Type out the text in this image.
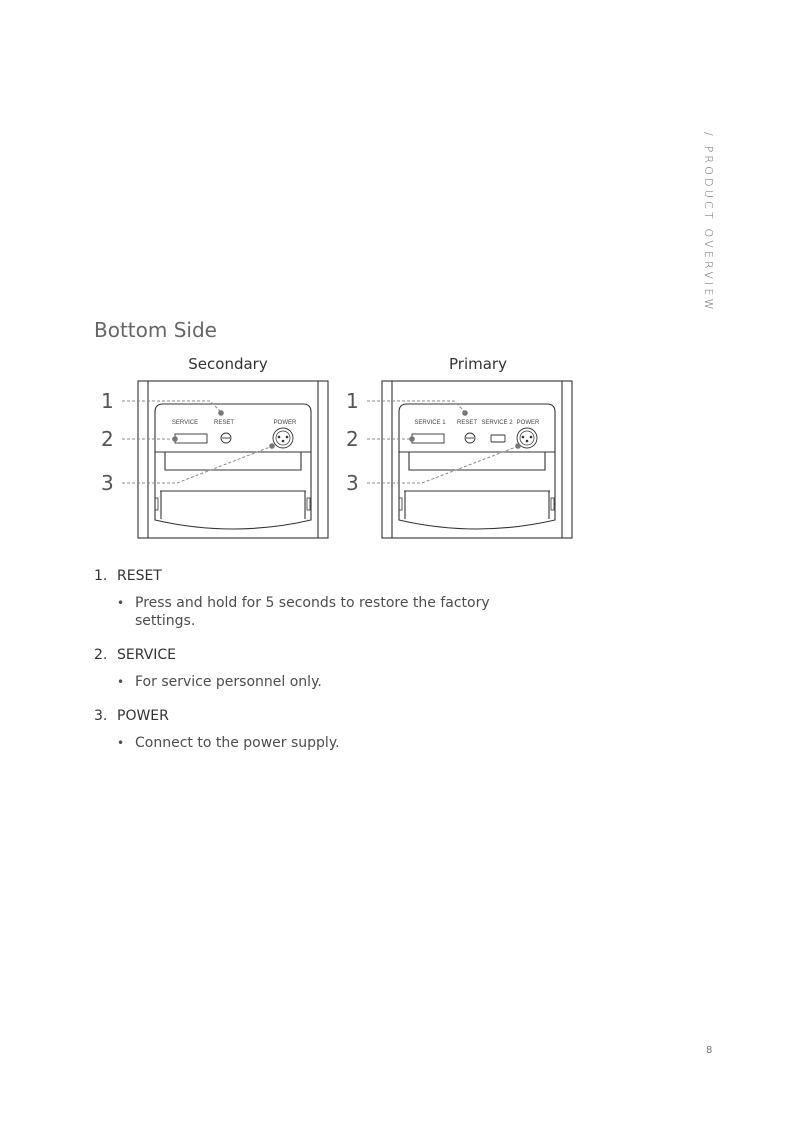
/ PRODUCT OVERVIEW
Bottom Side
Secondary	Primary
SERVICE	RESET	POWER
1
2
3
SERVICE 1 RESET SERVICE 2 POWER
1
2
3
1. RESET
• Press and hold for 5 seconds to restore the factory settings.
2. SERVICE
• For service personnel only.
3. POWER
• Connect to the power supply.
8
